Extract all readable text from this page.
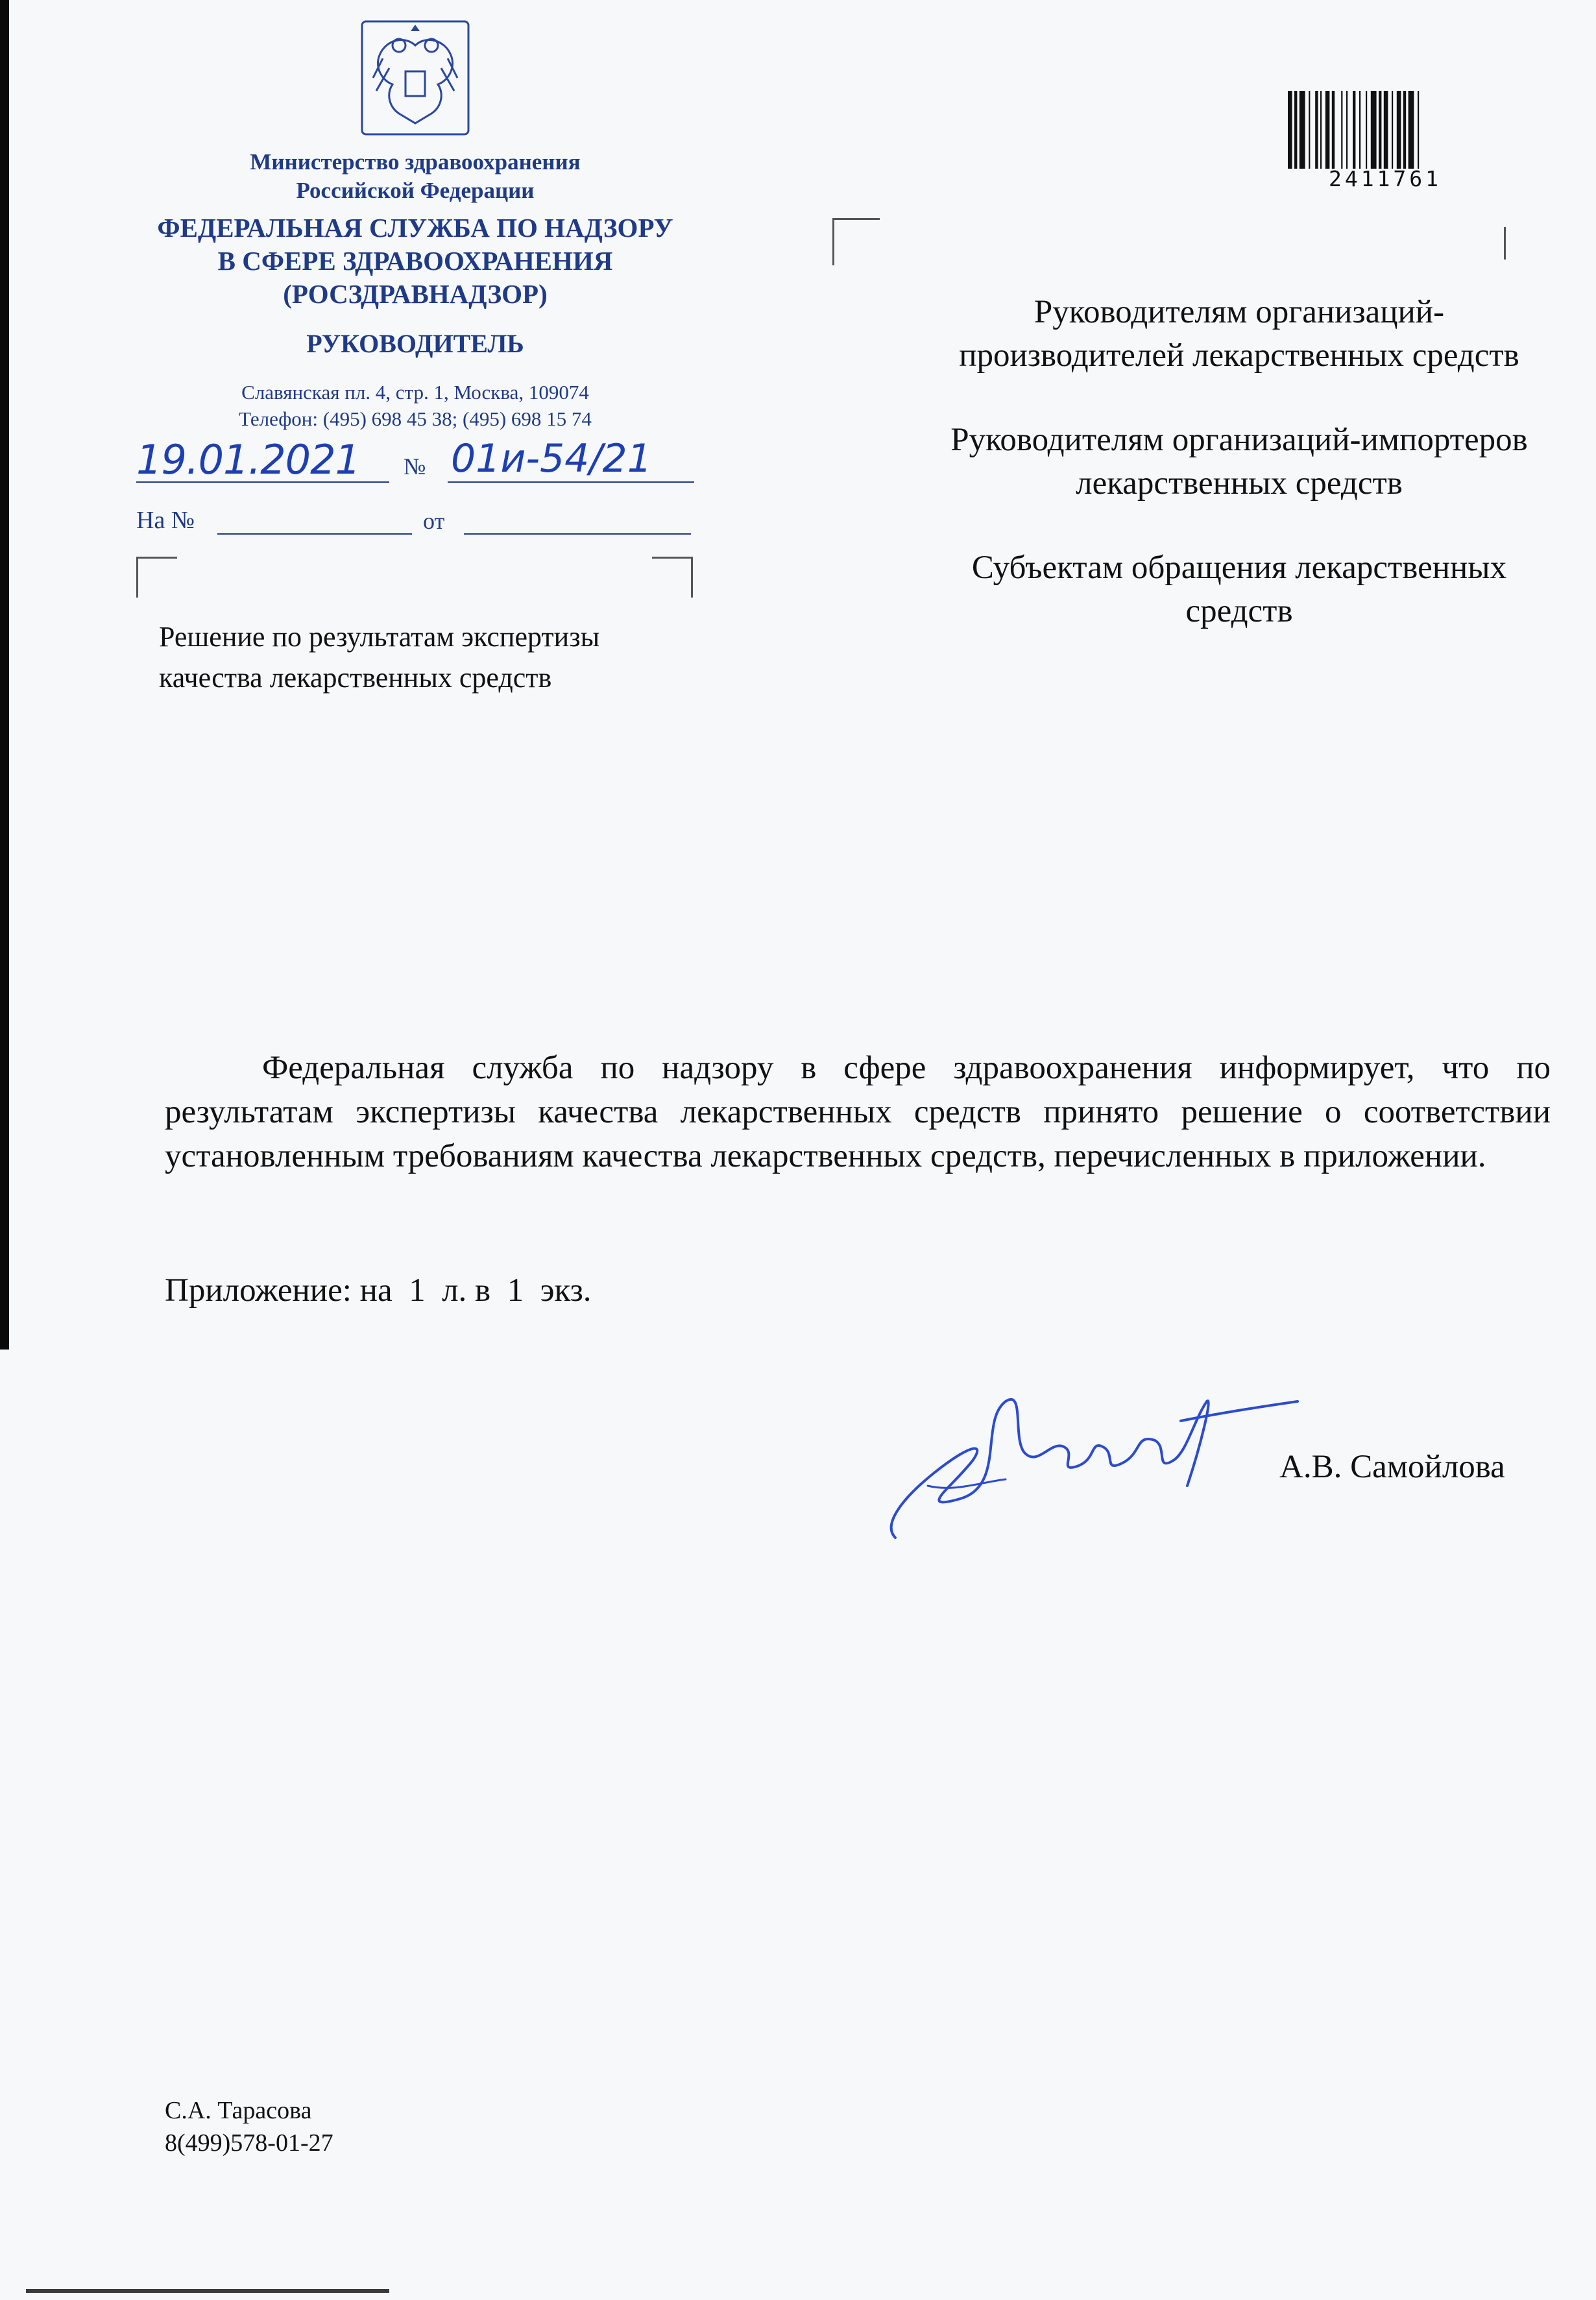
Министерство здравоохранения
Российской Федерации
ФЕДЕРАЛЬНАЯ СЛУЖБА ПО НАДЗОРУ
В СФЕРЕ ЗДРАВООХРАНЕНИЯ
(РОСЗДРАВНАДЗОР)
РУКОВОДИТЕЛЬ
Славянская пл. 4, стр. 1, Москва, 109074
Телефон: (495) 698 45 38; (495) 698 15 74
19.01.2021	№ 01и-54/21
На №	от
Решение по результатам экспертизы
качества лекарственных средств
2411761

Руководителям организаций-производителей лекарственных средств

Руководителям организаций-импортеров лекарственных средств

Субъектам обращения лекарственных средств

Федеральная служба по надзору в сфере здравоохранения информирует, что по результатам экспертизы качества лекарственных средств принято решение о соответствии установленным требованиям качества лекарственных средств, перечисленных в приложении.
Приложение: на  1  л. в  1  экз.
А.В. Самойлова
С.А. Тарасова
8(499)578-01-27
